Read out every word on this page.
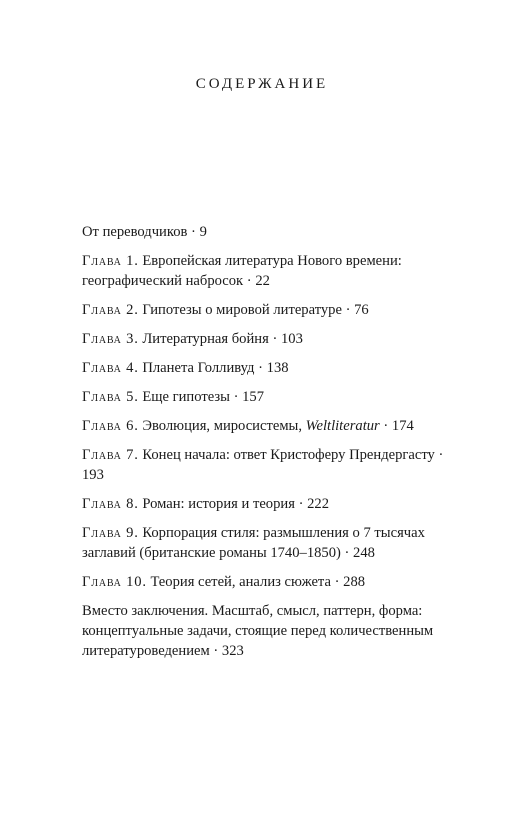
СОДЕРЖАНИЕ
От переводчиков · 9
Глава 1. Европейская литература Нового времени: географический набросок · 22
Глава 2. Гипотезы о мировой литературе · 76
Глава 3. Литературная бойня · 103
Глава 4. Планета Голливуд · 138
Глава 5. Еще гипотезы · 157
Глава 6. Эволюция, миросистемы, Weltliteratur · 174
Глава 7. Конец начала: ответ Кристоферу Прендергасту · 193
Глава 8. Роман: история и теория · 222
Глава 9. Корпорация стиля: размышления о 7 тысячах заглавий (британские романы 1740–1850) · 248
Глава 10. Теория сетей, анализ сюжета · 288
Вместо заключения. Масштаб, смысл, паттерн, форма: концептуальные задачи, стоящие перед количественным литературоведением · 323
